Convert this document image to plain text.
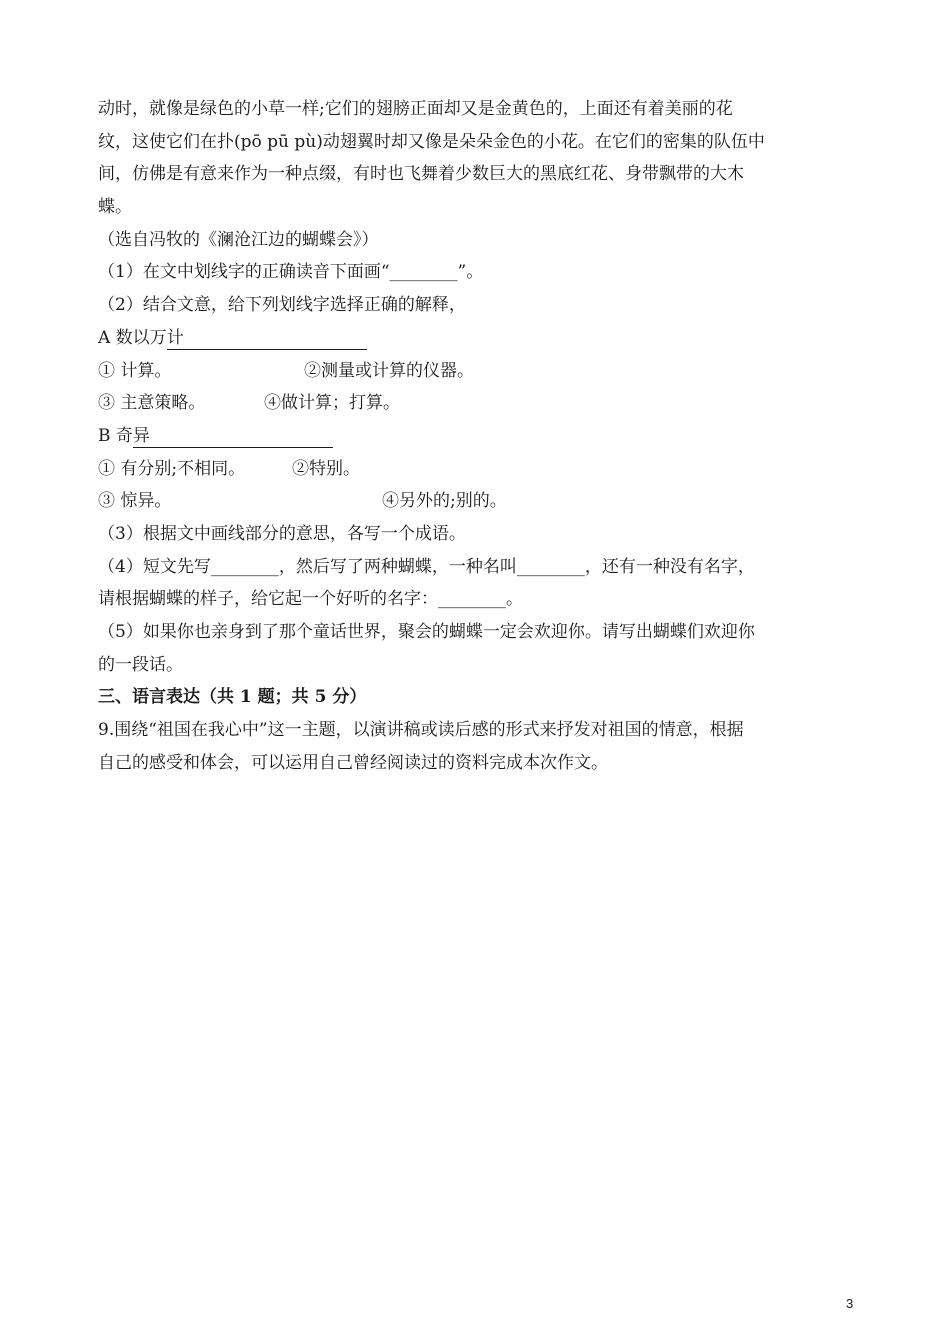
动时，就像是绿色的小草一样;它们的翅膀正面却又是金黄色的，上面还有着美丽的花
纹，这使它们在扑(pō pū pù)动翅翼时却又像是朵朵金色的小花。在它们的密集的队伍中
间，仿佛是有意来作为一种点缀，有时也飞舞着少数巨大的黑底红花、身带飘带的大木
蝶。
（选自冯牧的《澜沧江边的蝴蝶会》）
（1）在文中划线字的正确读音下面画“________”。
（2）结合文意，给下列划线字选择正确的解释，
A 数以万计
① 计算。	②测量或计算的仪器。
③ 主意策略。	④做计算；打算。
B 奇异
① 有分别;不相同。	②特别。
③ 惊异。	④另外的;别的。
（3）根据文中画线部分的意思，各写一个成语。
（4）短文先写________，然后写了两种蝴蝶，一种名叫________，还有一种没有名字，
请根据蝴蝶的样子，给它起一个好听的名字：________。
（5）如果你也亲身到了那个童话世界，聚会的蝴蝶一定会欢迎你。请写出蝴蝶们欢迎你
的一段话。
三、语言表达（共 1 题；共 5 分）
9.围绕“祖国在我心中”这一主题，以演讲稿或读后感的形式来抒发对祖国的情意，根据
自己的感受和体会，可以运用自己曾经阅读过的资料完成本次作文。
3
